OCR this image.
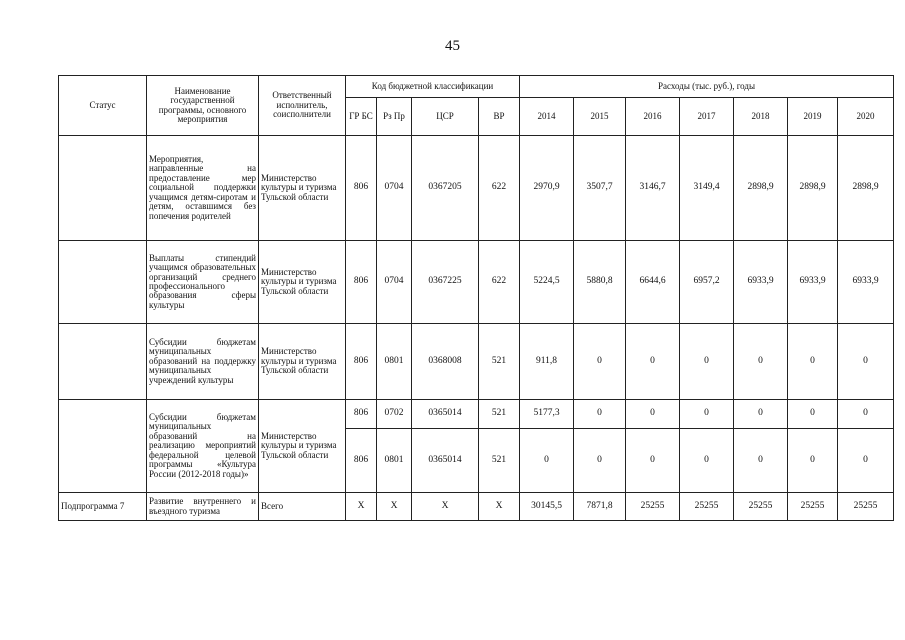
45
Статус	Наименование государственной программы, основного мероприятия	Ответственный исполнитель, соисполнители	Код бюджетной классификации				Расходы (тыс. руб.), годы						
			ГР БС	Рз Пр	ЦСР	ВР	2014	2015	2016	2017	2018	2019	2020
	Мероприятия, направленные на предоставление мер социальной поддержки учащимся детям-сиротам и детям, оставшимся без попечения родителей	Министерство культуры и туризма Тульской области	806	0704	0367205	622	2970,9	3507,7	3146,7	3149,4	2898,9	2898,9	2898,9
	Выплаты стипендий учащимся образовательных организаций среднего профессионального образования сферы культуры	Министерство культуры и туризма Тульской области	806	0704	0367225	622	5224,5	5880,8	6644,6	6957,2	6933,9	6933,9	6933,9
	Субсидии бюджетам муниципальных образований на поддержку муниципальных учреждений культуры	Министерство культуры и туризма Тульской области	806	0801	0368008	521	911,8	0	0	0	0	0	0
	Субсидии бюджетам муниципальных образований на реализацию мероприятий федеральной целевой программы «Культура России (2012-2018 годы)»	Министерство культуры и туризма Тульской области	806	0702	0365014	521	5177,3	0	0	0	0	0	0
			806	0801	0365014	521	0	0	0	0	0	0	0
Подпрограмма 7	Развитие внутреннего и въездного туризма	Всего	Х	Х	Х	Х	30145,5	7871,8	25255	25255	25255	25255	25255
